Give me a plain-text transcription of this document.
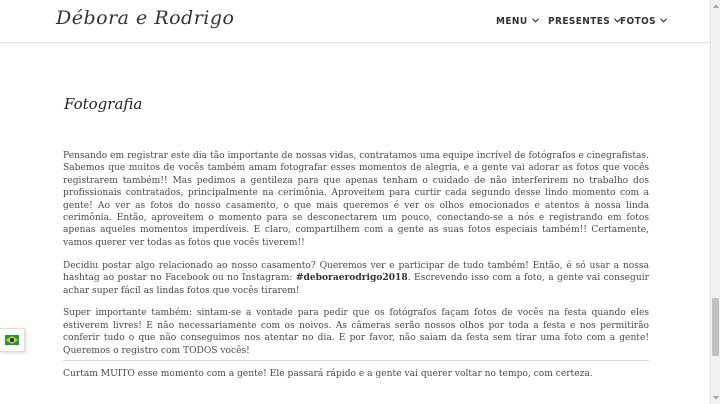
Débora e Rodrigo	MENU	PRESENTES FOTOS
Fotografia

Pensando em registrar este dia tão importante de nossas vidas, contratamos uma equipe incrível de fotógrafos e cinegrafistas. Sabemos que muitos de vocês também amam fotografar esses momentos de alegria, e a gente vai adorar as fotos que vocês registrarem também!! Mas pedimos a gentileza para que apenas tenham o cuidado de não interferirem no trabalho dos profissionais contratados, principalmente na cerimônia. Aproveitem para curtir cada segundo desse lindo momento com a gente! Ao ver as fotos do nosso casamento, o que mais queremos é ver os olhos emocionados e atentos à nossa linda cerimônia. Então, aproveitem o momento para se desconectarem um pouco, conectando-se a nós e registrando em fotos apenas aqueles momentos imperdíveis. E claro, compartilhem com a gente as suas fotos especiais também!! Certamente, vamos querer ver todas as fotos que vocês tiverem!!

Decidiu postar algo relacionado ao nosso casamento? Queremos ver e participar de tudo também! Então, é só usar a nossa hashtag ao postar no Facebook ou no Instagram: #deboraerodrigo2018. Escrevendo isso com a foto, a gente vai conseguir achar super fácil as lindas fotos que vocês tirarem!

Super importante também: sintam-se a vontade para pedir que os fotógrafos façam fotos de vocês na festa quando eles estiverem livres! E não necessariamente com os noivos. As câmeras serão nossos olhos por toda a festa e nos permitirão conferir tudo o que não conseguimos nos atentar no dia. E por favor, não saiam da festa sem tirar uma foto com a gente! Queremos o registro com TODOS vocês!

Curtam MUITO esse momento com a gente! Ele passará rápido e a gente vai querer voltar no tempo, com certeza.
